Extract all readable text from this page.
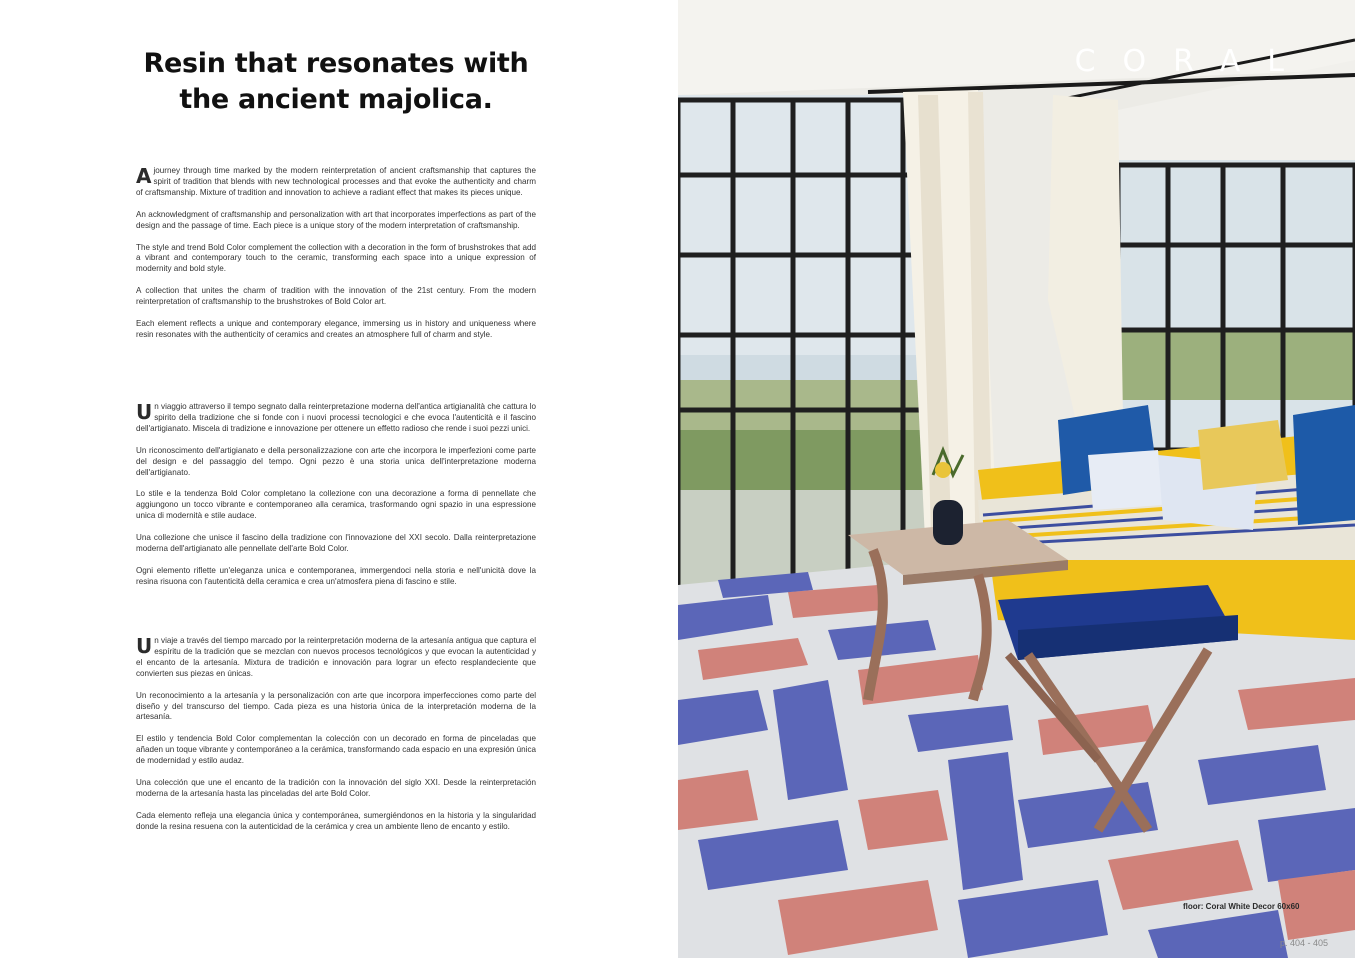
Resin that resonates with
the ancient majolica.

A journey through time marked by the modern reinterpretation of ancient craftsmanship that captures the spirit of tradition that blends with new technological processes and that evoke the authenticity and charm of craftsmanship. Mixture of tradition and innovation to achieve a radiant effect that makes its pieces unique.

An acknowledgment of craftsmanship and personalization with art that incorporates imperfections as part of the design and the passage of time. Each piece is a unique story of the modern interpretation of craftsmanship.

The style and trend Bold Color complement the collection with a decoration in the form of brushstrokes that add a vibrant and contemporary touch to the ceramic, transforming each space into a unique expression of modernity and bold style.

A collection that unites the charm of tradition with the innovation of the 21st century. From the modern reinterpretation of craftsmanship to the brushstrokes of Bold Color art.

Each element reflects a unique and contemporary elegance, immersing us in history and uniqueness where resin resonates with the authenticity of ceramics and creates an atmosphere full of charm and style.

Un viaggio attraverso il tempo segnato dalla reinterpretazione moderna dell'antica artigianalità che cattura lo spirito della tradizione che si fonde con i nuovi processi tecnologici e che evoca l'autenticità e il fascino dell'artigianato. Miscela di tradizione e innovazione per ottenere un effetto radioso che rende i suoi pezzi unici.

Un riconoscimento dell'artigianato e della personalizzazione con arte che incorpora le imperfezioni come parte del design e del passaggio del tempo. Ogni pezzo è una storia unica dell'interpretazione moderna dell'artigianato.

Lo stile e la tendenza Bold Color completano la collezione con una decorazione a forma di pennellate che aggiungono un tocco vibrante e contemporaneo alla ceramica, trasformando ogni spazio in una espressione unica di modernità e stile audace.

Una collezione che unisce il fascino della tradizione con l'innovazione del XXI secolo. Dalla reinterpretazione moderna dell'artigianato alle pennellate dell'arte Bold Color.

Ogni elemento riflette un'eleganza unica e contemporanea, immergendoci nella storia e nell'unicità dove la resina risuona con l'autenticità della ceramica e crea un'atmosfera piena di fascino e stile.

Un viaje a través del tiempo marcado por la reinterpretación moderna de la artesanía antigua que captura el espíritu de la tradición que se mezclan con nuevos procesos tecnológicos y que evocan la autenticidad y el encanto de la artesanía. Mixtura de tradición e innovación para lograr un efecto resplandeciente que convierten sus piezas en únicas.

Un reconocimiento a la artesanía y la personalización con arte que incorpora imperfecciones como parte del diseño y del transcurso del tiempo. Cada pieza es una historia única de la interpretación moderna de la artesanía.

El estilo y tendencia Bold Color complementan la colección con un decorado en forma de pinceladas que añaden un toque vibrante y contemporáneo a la cerámica, transformando cada espacio en una expresión única de modernidad y estilo audaz.

Una colección que une el encanto de la tradición con la innovación del siglo XXI. Desde la reinterpretación moderna de la artesanía hasta las pinceladas del arte Bold Color.

Cada elemento refleja una elegancia única y contemporánea, sumergiéndonos en la historia y la singularidad donde la resina resuena con la autenticidad de la cerámica y crea un ambiente lleno de encanto y estilo.

CORAL
floor: Coral White Decor 60x60
p. 404 - 405
